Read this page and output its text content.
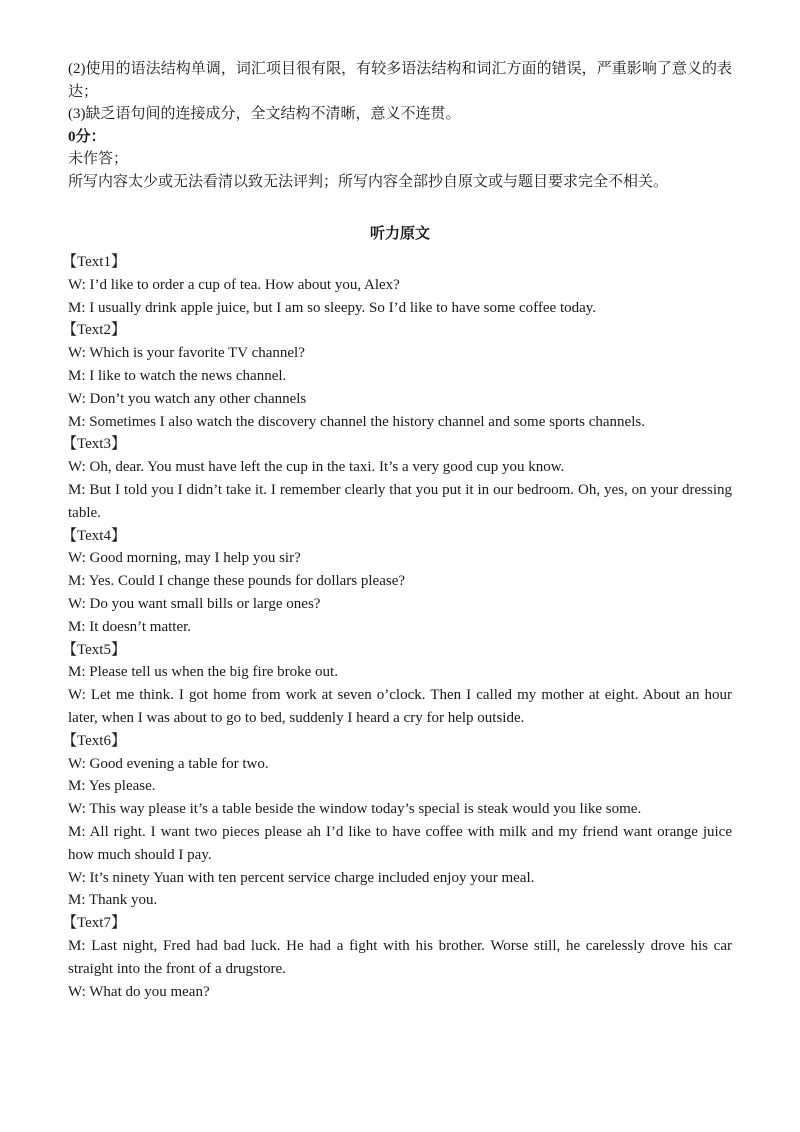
(2)使用的语法结构单调，词汇项目很有限，有较多语法结构和词汇方面的错误，严重影响了意义的表达；

(3)缺乏语句间的连接成分，全文结构不清晰，意义不连贯。

0分：

未作答；

所写内容太少或无法看清以致无法评判；所写内容全部抄自原文或与题目要求完全不相关。

听力原文

【Text1】

W: I’d like to order a cup of tea. How about you, Alex?

M: I usually drink apple juice, but I am so sleepy. So I’d like to have some coffee today.

【Text2】

W: Which is your favorite TV channel?

M: I like to watch the news channel.

W: Don’t you watch any other channels

M: Sometimes I also watch the discovery channel the history channel and some sports channels.

【Text3】

W: Oh, dear. You must have left the cup in the taxi. It’s a very good cup you know.

M: But I told you I didn’t take it. I remember clearly that you put it in our bedroom. Oh, yes, on your dressing table.

【Text4】

W: Good morning, may I help you sir?

M: Yes. Could I change these pounds for dollars please?

W: Do you want small bills or large ones?

M: It doesn’t matter.

【Text5】

M: Please tell us when the big fire broke out.

W: Let me think. I got home from work at seven o’clock. Then I called my mother at eight. About an hour later, when I was about to go to bed, suddenly I heard a cry for help outside.

【Text6】

W: Good evening a table for two.

M: Yes please.

W: This way please it’s a table beside the window today’s special is steak would you like some.

M: All right. I want two pieces please ah I’d like to have coffee with milk and my friend want orange juice how much should I pay.

W: It’s ninety Yuan with ten percent service charge included enjoy your meal.

M: Thank you.

【Text7】

M: Last night, Fred had bad luck. He had a fight with his brother. Worse still, he carelessly drove his car straight into the front of a drugstore.

W: What do you mean?
